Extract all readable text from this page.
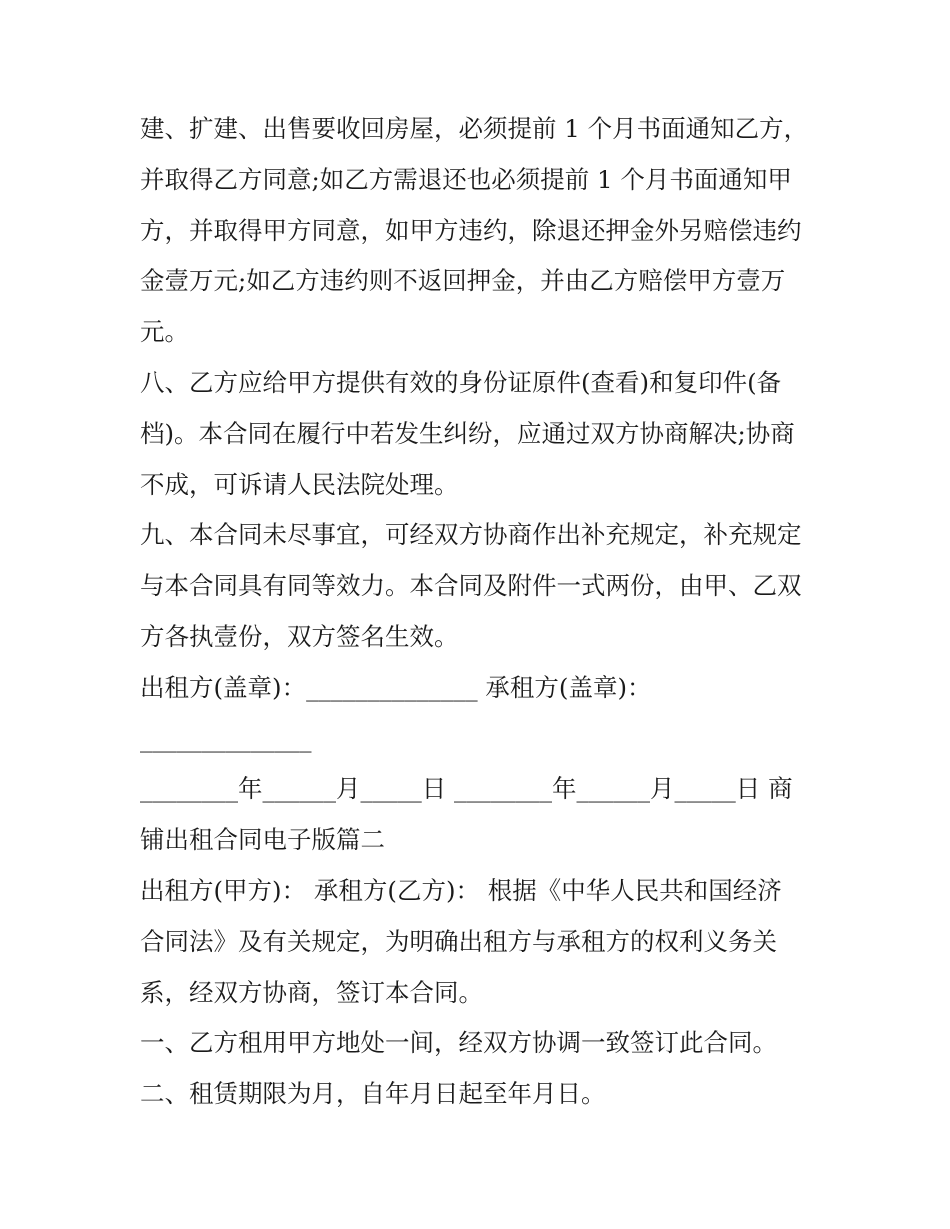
建、扩建、出售要收回房屋，必须提前 1 个月书面通知乙方，
并取得乙方同意;如乙方需退还也必须提前 1 个月书面通知甲
方，并取得甲方同意，如甲方违约，除退还押金外另赔偿违约
金壹万元;如乙方违约则不返回押金，并由乙方赔偿甲方壹万
元。
八、乙方应给甲方提供有效的身份证原件(查看)和复印件(备
档)。本合同在履行中若发生纠纷，应通过双方协商解决;协商
不成，可诉请人民法院处理。
九、本合同未尽事宜，可经双方协商作出补充规定，补充规定
与本合同具有同等效力。本合同及附件一式两份，由甲、乙双
方各执壹份，双方签名生效。
出租方(盖章)：______________ 承租方(盖章)：
______________
________年______月_____日 ________年______月_____日 商
铺出租合同电子版篇二
出租方(甲方)： 承租方(乙方)： 根据《中华人民共和国经济
合同法》及有关规定，为明确出租方与承租方的权利义务关
系，经双方协商，签订本合同。
一、乙方租用甲方地处一间，经双方协调一致签订此合同。
二、租赁期限为月，自年月日起至年月日。
